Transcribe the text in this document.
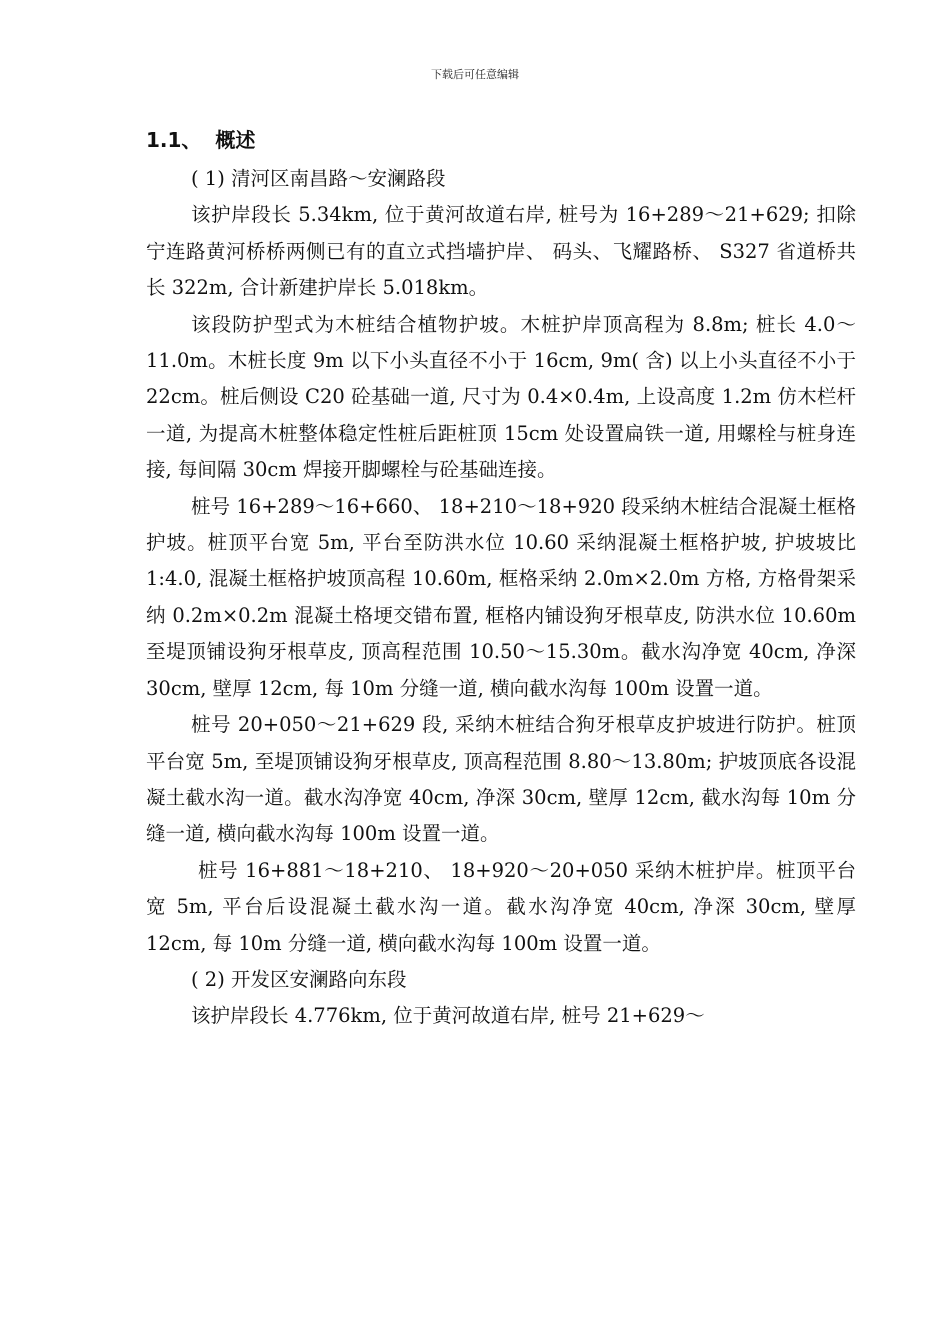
下载后可任意编辑
1.1、 概述

( 1) 清河区南昌路～安澜路段

该护岸段长 5.34km, 位于黄河故道右岸, 桩号为 16+289～21+629; 扣除宁连路黄河桥桥两侧已有的直立式挡墙护岸、 码头、飞耀路桥、 S327 省道桥共长 322m, 合计新建护岸长 5.018km。

该段防护型式为木桩结合植物护坡。木桩护岸顶高程为 8.8m; 桩长 4.0～11.0m。木桩长度 9m 以下小头直径不小于 16cm, 9m( 含) 以上小头直径不小于 22cm。桩后侧设 C20 砼基础一道, 尺寸为 0.4×0.4m, 上设高度 1.2m 仿木栏杆一道, 为提高木桩整体稳定性桩后距桩顶 15cm 处设置扁铁一道, 用螺栓与桩身连接, 每间隔 30cm 焊接开脚螺栓与砼基础连接。

桩号 16+289～16+660、 18+210～18+920 段采纳木桩结合混凝土框格护坡。桩顶平台宽 5m, 平台至防洪水位 10.60 采纳混凝土框格护坡, 护坡坡比 1:4.0, 混凝土框格护坡顶高程 10.60m, 框格采纳 2.0m×2.0m 方格, 方格骨架采纳 0.2m×0.2m 混凝土格埂交错布置, 框格内铺设狗牙根草皮, 防洪水位 10.60m 至堤顶铺设狗牙根草皮, 顶高程范围 10.50～15.30m。截水沟净宽 40cm, 净深 30cm, 壁厚 12cm, 每 10m 分缝一道, 横向截水沟每 100m 设置一道。

桩号 20+050～21+629 段, 采纳木桩结合狗牙根草皮护坡进行防护。桩顶平台宽 5m, 至堤顶铺设狗牙根草皮, 顶高程范围 8.80～13.80m; 护坡顶底各设混凝土截水沟一道。截水沟净宽 40cm, 净深 30cm, 壁厚 12cm, 截水沟每 10m 分缝一道, 横向截水沟每 100m 设置一道。

桩号 16+881～18+210、 18+920～20+050 采纳木桩护岸。桩顶平台宽 5m, 平台后设混凝土截水沟一道。截水沟净宽 40cm, 净深 30cm, 壁厚 12cm, 每 10m 分缝一道, 横向截水沟每 100m 设置一道。

( 2) 开发区安澜路向东段

该护岸段长 4.776km, 位于黄河故道右岸, 桩号 21+629～
